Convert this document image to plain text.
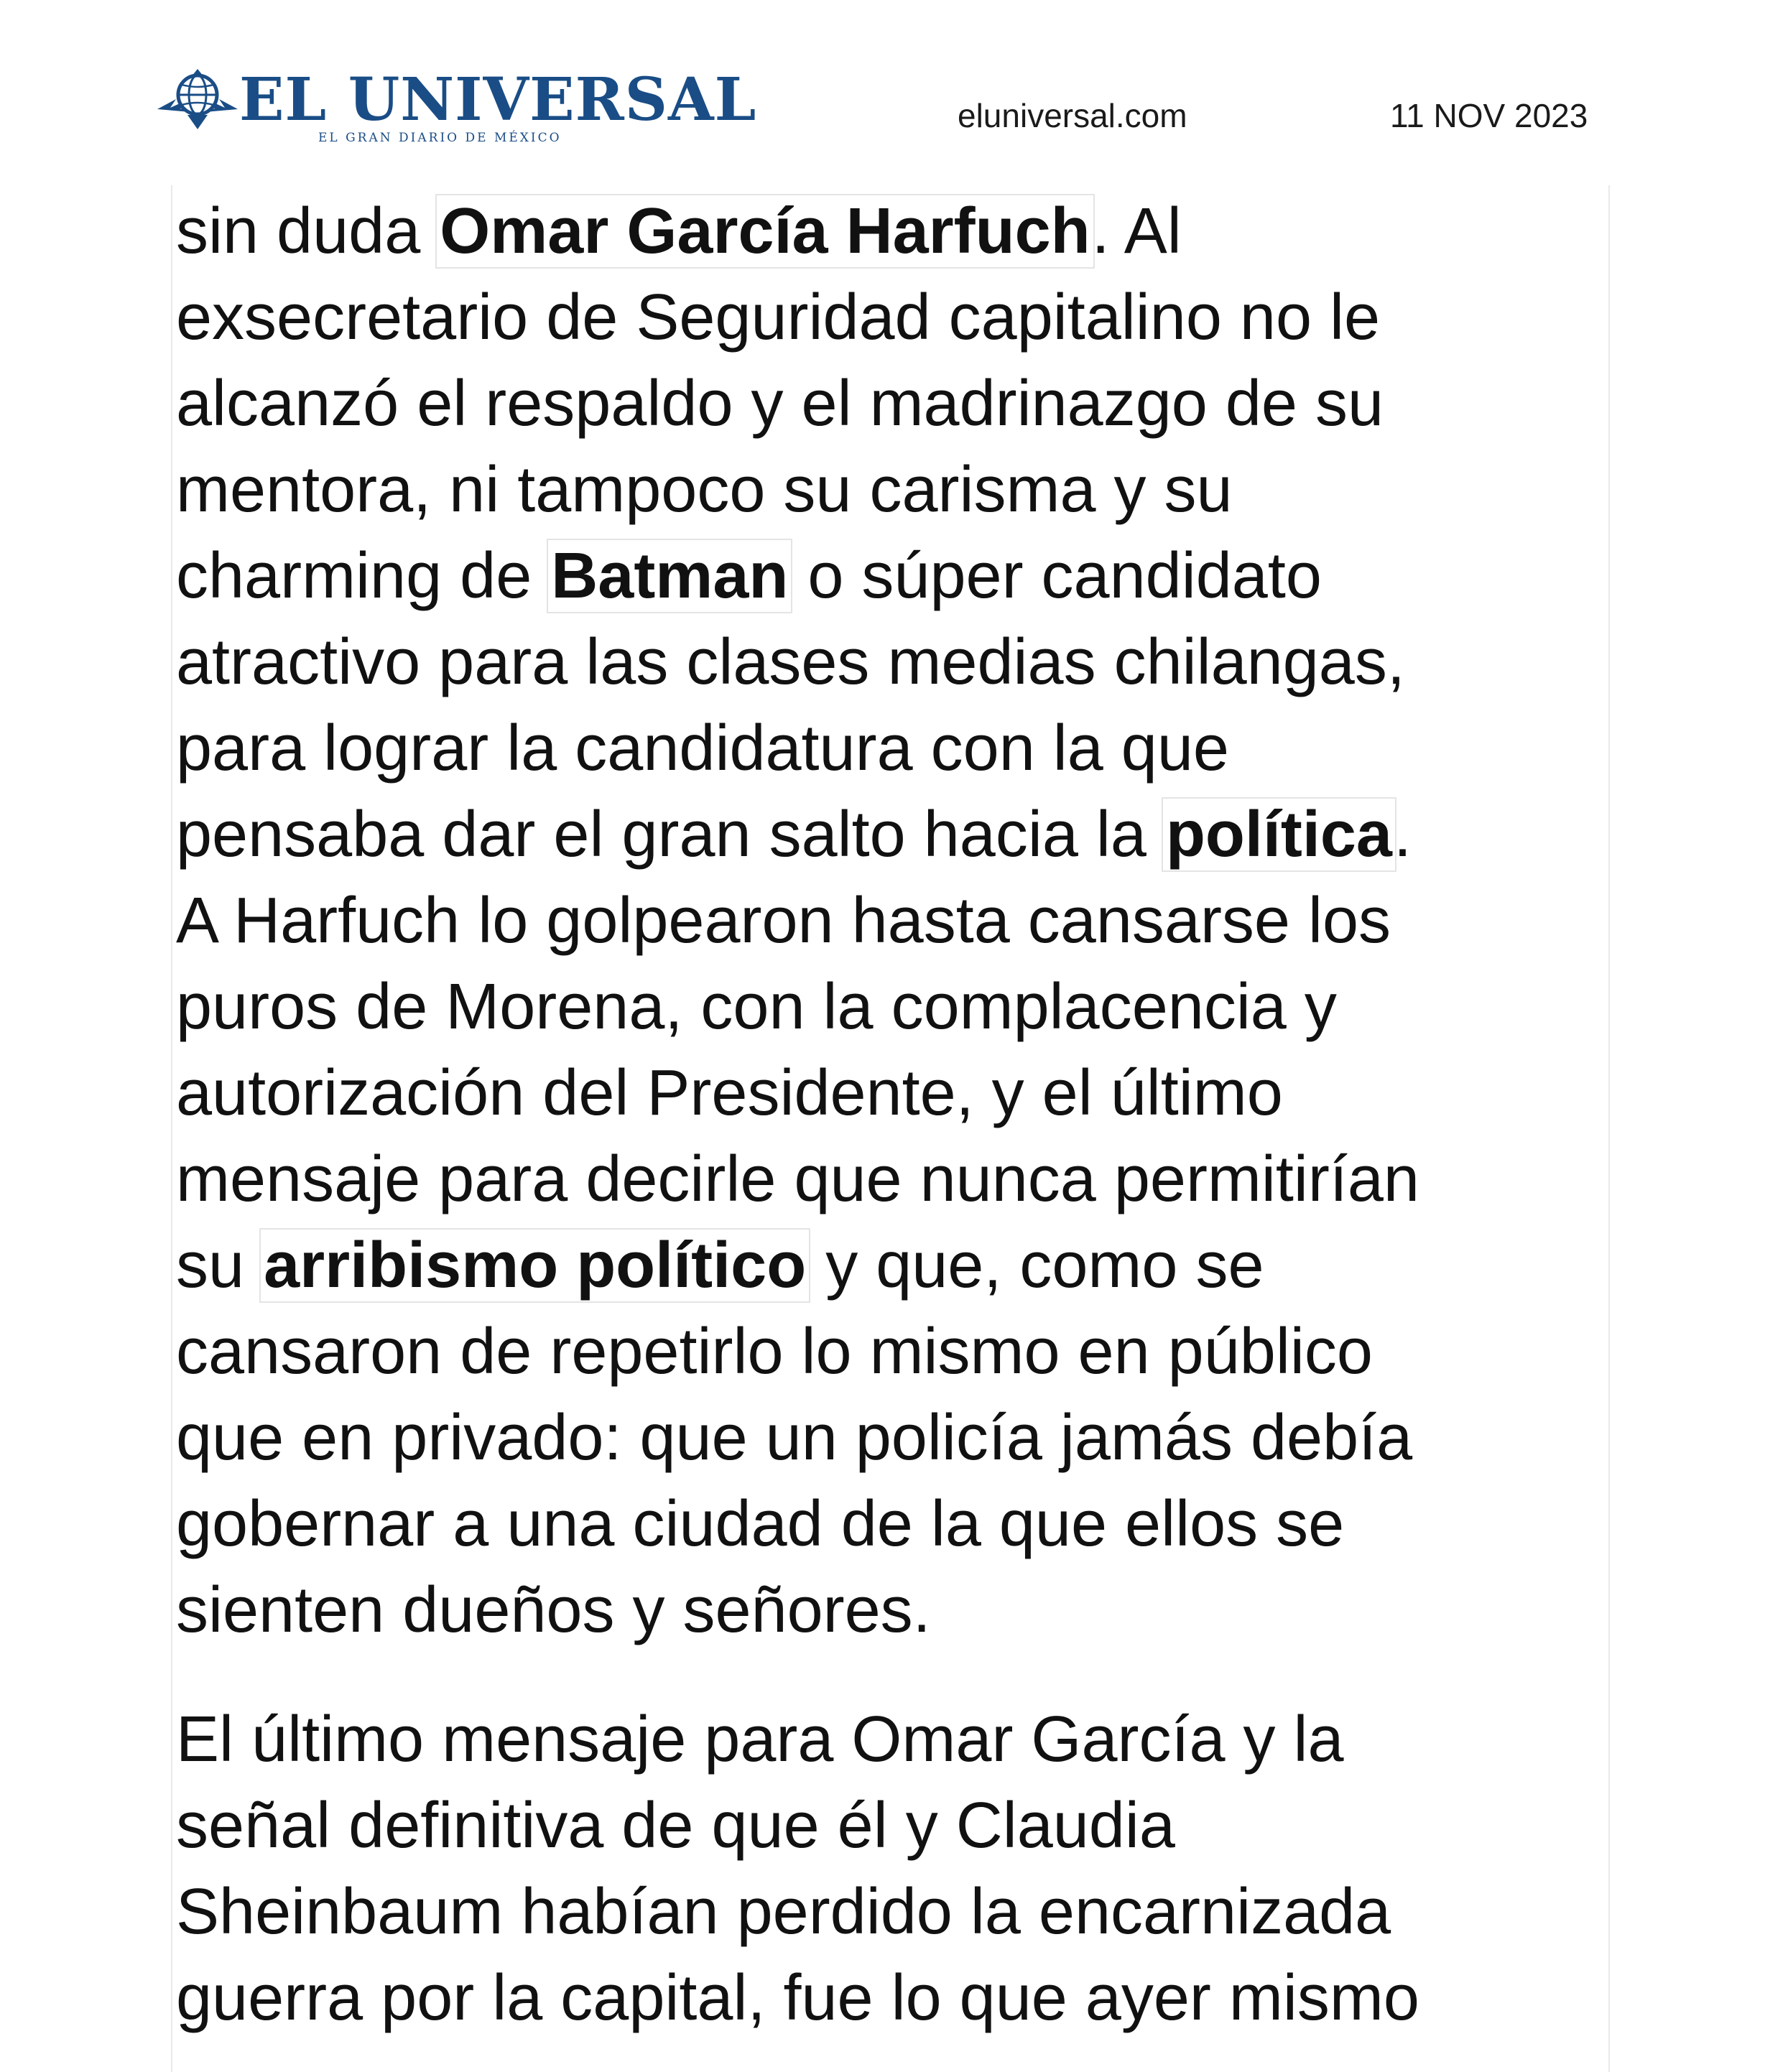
EL UNIVERSAL
EL GRAN DIARIO DE MÉXICO
eluniversal.com	11 NOV 2023

sin duda Omar García Harfuch. Al
exsecretario de Seguridad capitalino no le
alcanzó el respaldo y el madrinazgo de su
mentora, ni tampoco su carisma y su
charming de Batman o súper candidato
atractivo para las clases medias chilangas,
para lograr la candidatura con la que
pensaba dar el gran salto hacia la política.
A Harfuch lo golpearon hasta cansarse los
puros de Morena, con la complacencia y
autorización del Presidente, y el último
mensaje para decirle que nunca permitirían
su arribismo político y que, como se
cansaron de repetirlo lo mismo en público
que en privado: que un policía jamás debía
gobernar a una ciudad de la que ellos se
sienten dueños y señores.

El último mensaje para Omar García y la
señal definitiva de que él y Claudia
Sheinbaum habían perdido la encarnizada
guerra por la capital, fue lo que ayer mismo
